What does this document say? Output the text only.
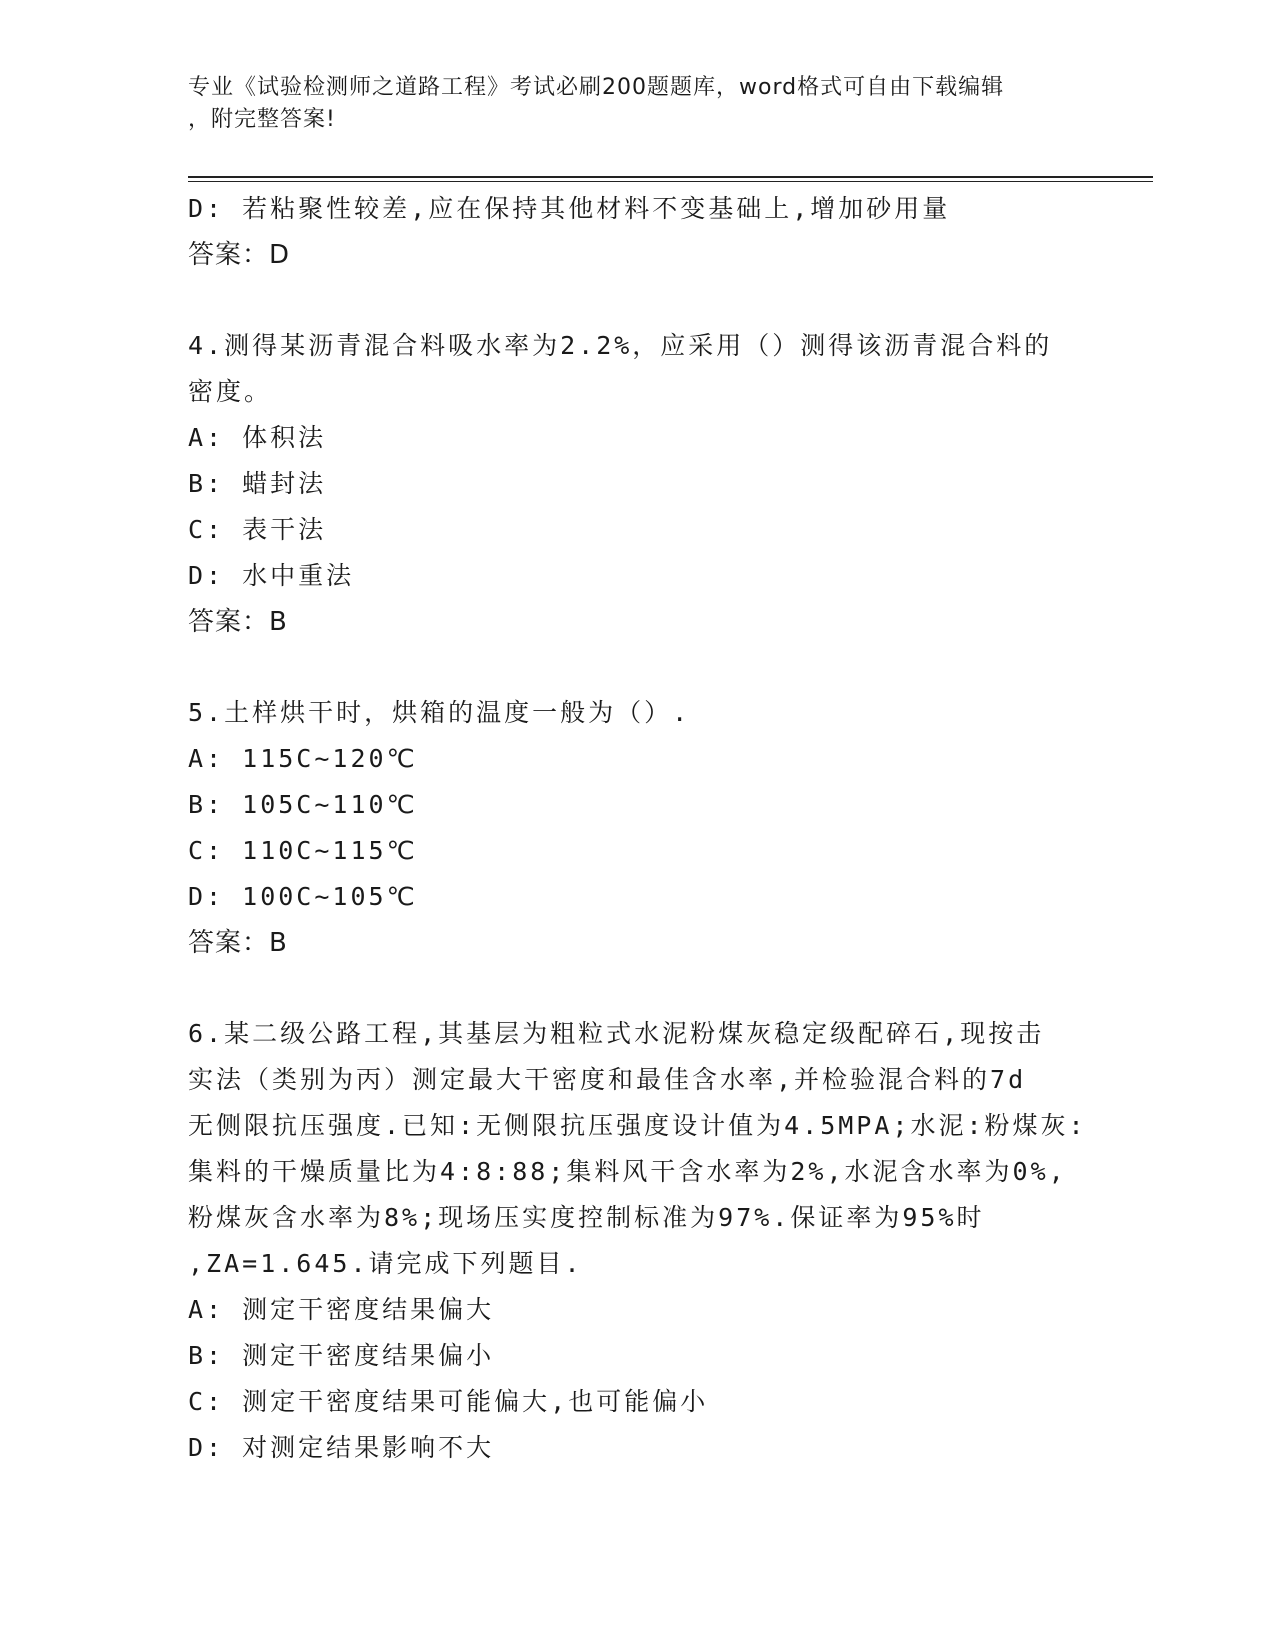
专业《试验检测师之道路工程》考试必刷200题题库，word格式可自由下载编辑
，附完整答案!
D: 若粘聚性较差,应在保持其他材料不变基础上,增加砂用量
答案：D
4.测得某沥青混合料吸水率为2.2%，应采用（）测得该沥青混合料的
密度。
A: 体积法
B: 蜡封法
C: 表干法
D: 水中重法
答案：B
5.土样烘干时，烘箱的温度一般为（）.
A: 115C~120℃
B: 105C~110℃
C: 110C~115℃
D: 100C~105℃
答案：B
6.某二级公路工程,其基层为粗粒式水泥粉煤灰稳定级配碎石,现按击
实法（类别为丙）测定最大干密度和最佳含水率,并检验混合料的7d
无侧限抗压强度.已知:无侧限抗压强度设计值为4.5MPA;水泥:粉煤灰:
集料的干燥质量比为4:8:88;集料风干含水率为2%,水泥含水率为0%,
粉煤灰含水率为8%;现场压实度控制标准为97%.保证率为95%时
,ZA=1.645.请完成下列题目.
A: 测定干密度结果偏大
B: 测定干密度结果偏小
C: 测定干密度结果可能偏大,也可能偏小
D: 对测定结果影响不大
